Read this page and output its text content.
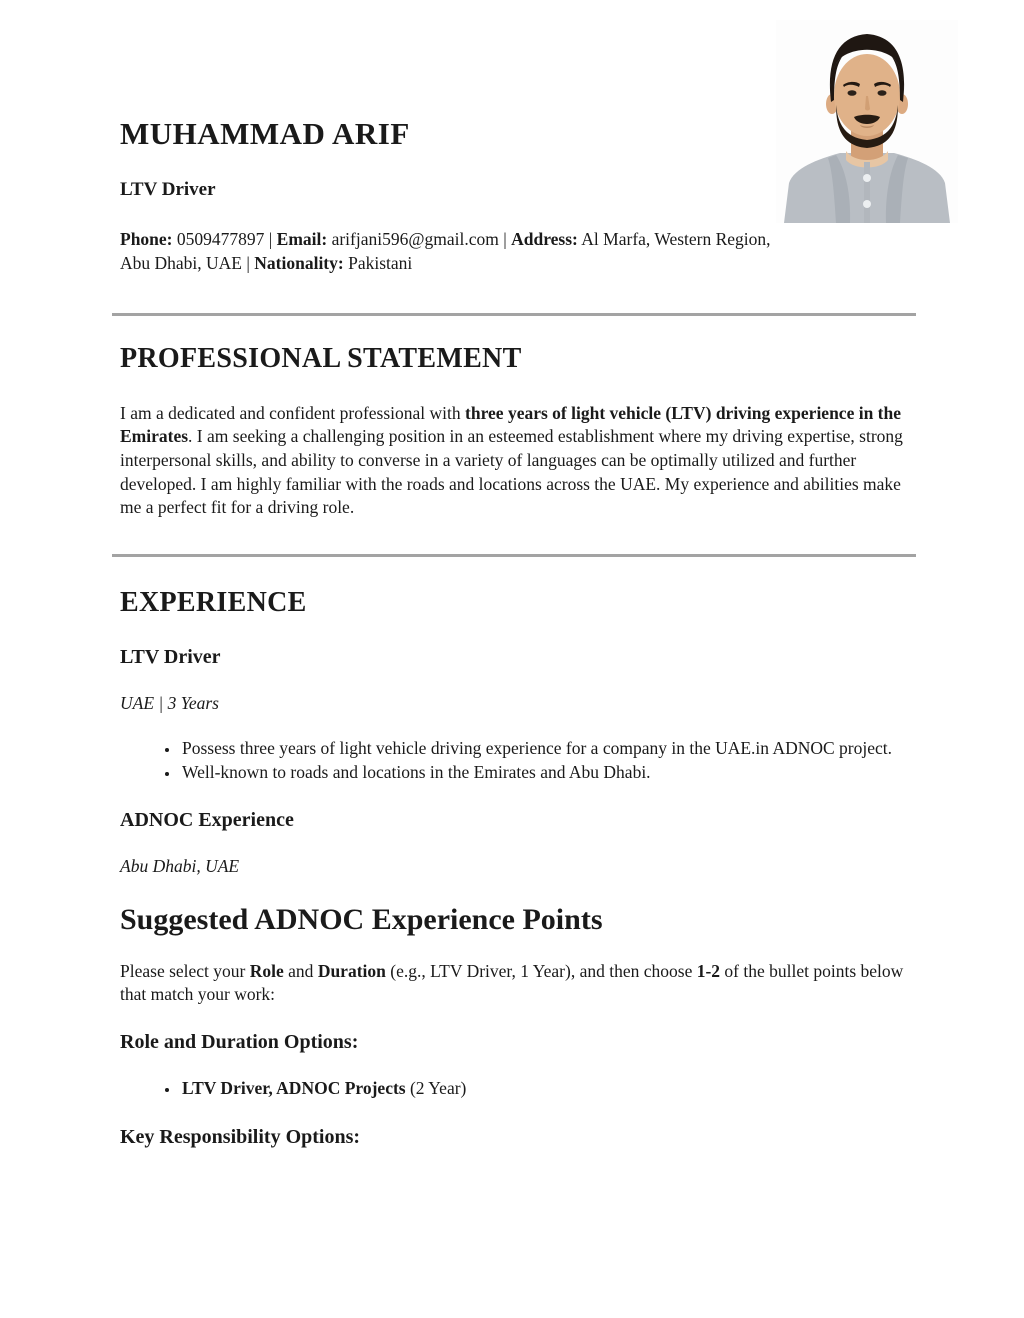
MUHAMMAD ARIF
LTV Driver

Phone: 0509477897 | Email: arifjani596@gmail.com | Address: Al Marfa, Western Region,
Abu Dhabi, UAE | Nationality: Pakistani

PROFESSIONAL STATEMENT

I am a dedicated and confident professional with three years of light vehicle (LTV) driving experience in the Emirates. I am seeking a challenging position in an esteemed establishment where my driving expertise, strong interpersonal skills, and ability to converse in a variety of languages can be optimally utilized and further developed. I am highly familiar with the roads and locations across the UAE. My experience and abilities make me a perfect fit for a driving role.

EXPERIENCE
LTV Driver
UAE | 3 Years
• Possess three years of light vehicle driving experience for a company in the UAE.in ADNOC project.
• Well-known to roads and locations in the Emirates and Abu Dhabi.
ADNOC Experience
Abu Dhabi, UAE
Suggested ADNOC Experience Points

Please select your Role and Duration (e.g., LTV Driver, 1 Year), and then choose 1-2 of the bullet points below that match your work:

Role and Duration Options:
• LTV Driver, ADNOC Projects (2 Year)
Key Responsibility Options:
